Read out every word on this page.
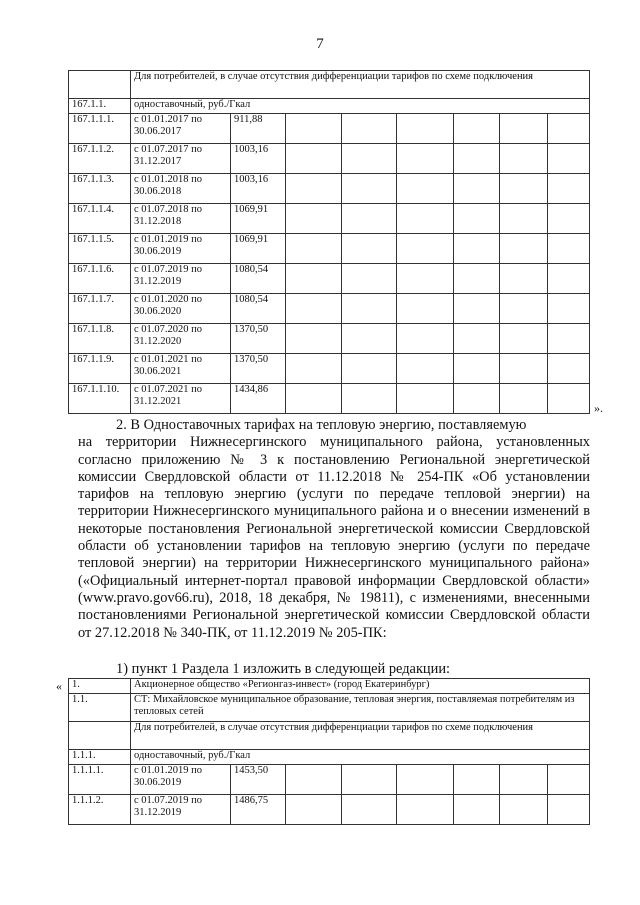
7
	Для потребителей, в случае отсутствия дифференциации тарифов по схеме подключения							
167.1.1.	одноставочный, руб./Гкал							
167.1.1.1.	с 01.01.2017 по
30.06.2017	911,88						
167.1.1.2.	с 01.07.2017 по
31.12.2017	1003,16						
167.1.1.3.	с 01.01.2018 по
30.06.2018	1003,16						
167.1.1.4.	с 01.07.2018 по
31.12.2018	1069,91						
167.1.1.5.	с 01.01.2019 по
30.06.2019	1069,91						
167.1.1.6.	с 01.07.2019 по
31.12.2019	1080,54						
167.1.1.7.	с 01.01.2020 по
30.06.2020	1080,54						
167.1.1.8.	с 01.07.2020 по
31.12.2020	1370,50						
167.1.1.9.	с 01.01.2021 по
30.06.2021	1370,50						
167.1.1.10.	с 01.07.2021 по
31.12.2021	1434,86						
».
2. В Одноставочных тарифах на тепловую энергию, поставляемую
на территории Нижнесергинского муниципального района, установленных согласно приложению № 3 к постановлению Региональной энергетической комиссии Свердловской области от 11.12.2018 № 254-ПК «Об установлении тарифов на тепловую энергию (услуги по передаче тепловой энергии) на территории Нижнесергинского муниципального района и о внесении изменений в некоторые постановления Региональной энергетической комиссии Свердловской области об установлении тарифов на тепловую энергию (услуги по передаче тепловой энергии) на территории Нижнесергинского муниципального района» («Официальный интернет-портал правовой информации Свердловской области» (www.pravo.gov66.ru), 2018, 18 декабря, № 19811), с изменениями, внесенными постановлениями Региональной энергетической комиссии Свердловской области от 27.12.2018 № 340-ПК, от 11.12.2019 № 205-ПК:
1) пункт 1 Раздела 1 изложить в следующей редакции:
« 1.	Акционерное общество «Регионгаз-инвест» (город Екатеринбург)							
1.1.	СТ: Михайловское муниципальное образование, тепловая энергия, поставляемая потребителям из тепловых сетей							
	Для потребителей, в случае отсутствия дифференциации тарифов по схеме подключения							
1.1.1.	одноставочный, руб./Гкал							
1.1.1.1.	с 01.01.2019 по
30.06.2019	1453,50						
1.1.1.2.	с 01.07.2019 по
31.12.2019	1486,75						
